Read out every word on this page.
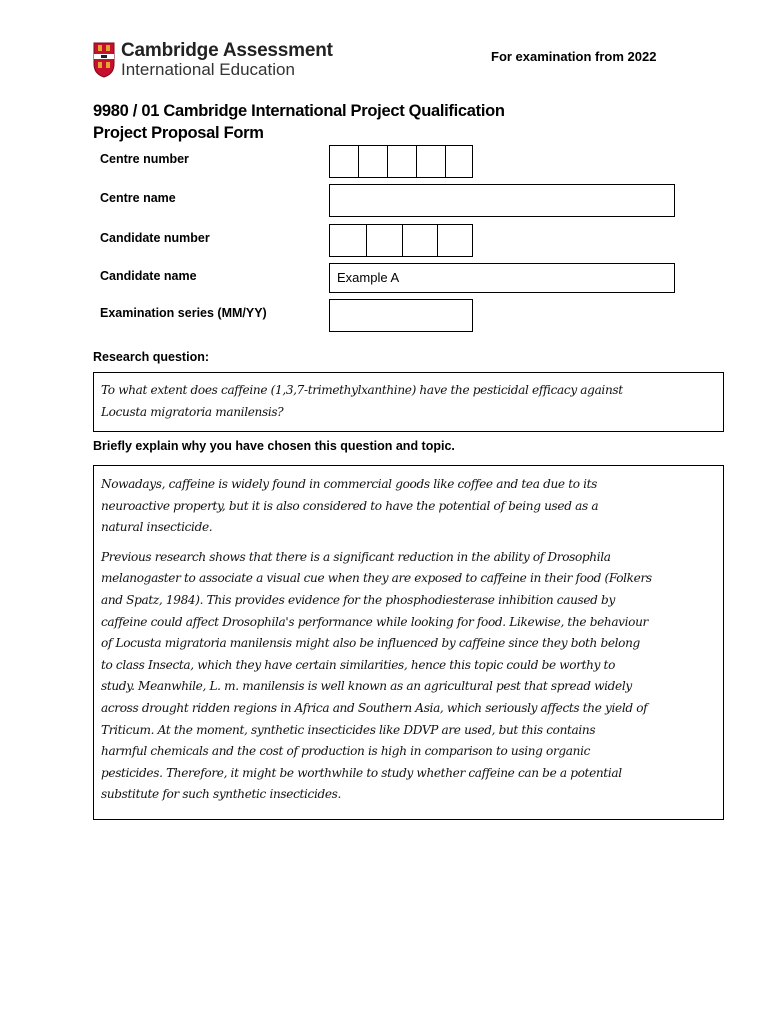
Cambridge Assessment
International Education
For examination from 2022
9980 / 01 Cambridge International Project Qualification
Project Proposal Form
Centre number
Centre name
Candidate number
Candidate name	Example A
Examination series (MM/YY)
Research question:

To what extent does caffeine (1,3,7-trimethylxanthine) have the pesticidal efficacy against

Locusta migratoria manilensis?

Briefly explain why you have chosen this question and topic.

Nowadays, caffeine is widely found in commercial goods like coffee and tea due to its

neuroactive property, but it is also considered to have the potential of being used as a

natural insecticide.

Previous research shows that there is a significant reduction in the ability of Drosophila

melanogaster to associate a visual cue when they are exposed to caffeine in their food (Folkers

and Spatz, 1984). This provides evidence for the phosphodiesterase inhibition caused by

caffeine could affect Drosophila's performance while looking for food. Likewise, the behaviour

of Locusta migratoria manilensis might also be influenced by caffeine since they both belong

to class Insecta, which they have certain similarities, hence this topic could be worthy to

study. Meanwhile, L. m. manilensis is well known as an agricultural pest that spread widely

across drought ridden regions in Africa and Southern Asia, which seriously affects the yield of

Triticum. At the moment, synthetic insecticides like DDVP are used, but this contains

harmful chemicals and the cost of production is high in comparison to using organic

pesticides. Therefore, it might be worthwhile to study whether caffeine can be a potential

substitute for such synthetic insecticides.
